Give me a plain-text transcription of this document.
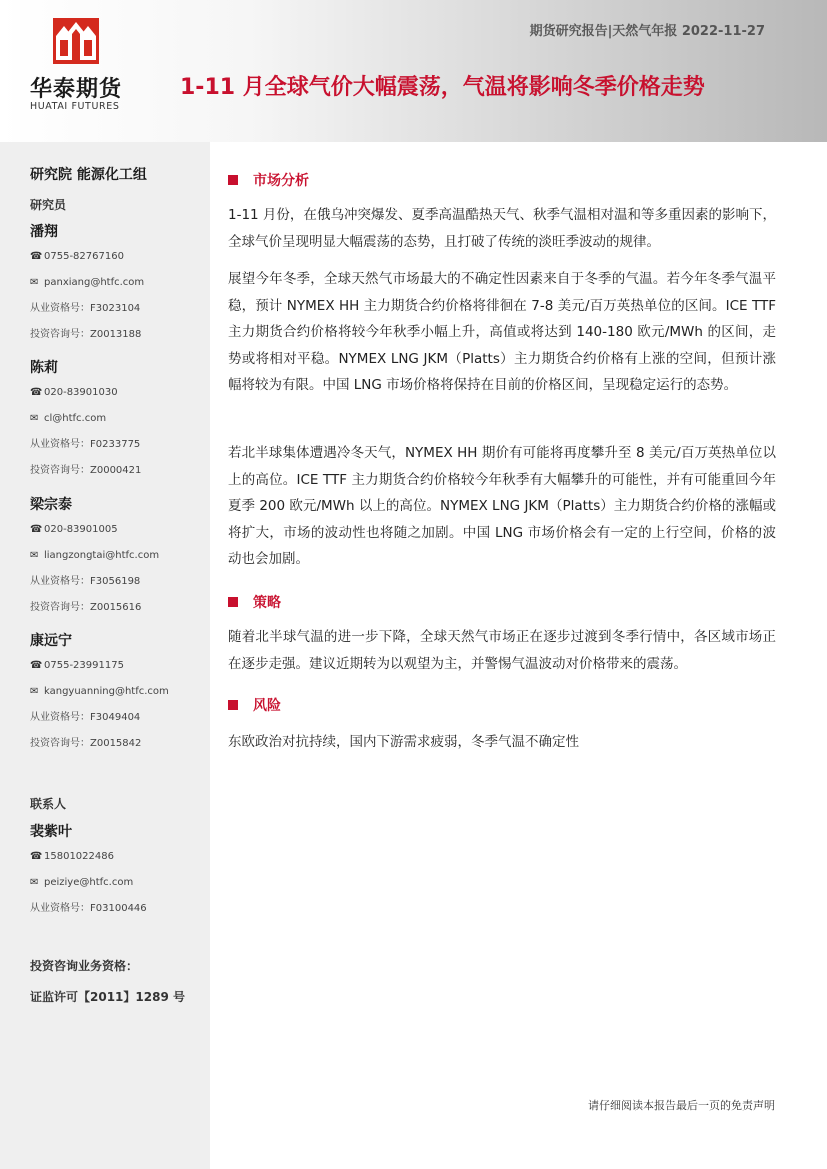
华泰期货
HUATAI FUTURES
期货研究报告|天然气年报 2022-11-27
1-11 月全球气价大幅震荡，气温将影响冬季价格走势
研究院 能源化工组
研究员
潘翔
☎ 0755-82767160
✉ panxiang@htfc.com
从业资格号：F3023104
投资咨询号：Z0013188
陈莉
☎ 020-83901030
✉ cl@htfc.com
从业资格号：F0233775
投资咨询号：Z0000421
梁宗泰
☎ 020-83901005
✉ liangzongtai@htfc.com
从业资格号：F3056198
投资咨询号：Z0015616
康远宁
☎ 0755-23991175
✉ kangyuanning@htfc.com
从业资格号：F3049404
投资咨询号：Z0015842
联系人
裴紫叶
☎ 15801022486
✉ peiziye@htfc.com
从业资格号：F03100446
投资咨询业务资格：
证监许可【2011】1289 号
市场分析
1-11 月份，在俄乌冲突爆发、夏季高温酷热天气、秋季气温相对温和等多重因素的影响下，全球气价呈现明显大幅震荡的态势，且打破了传统的淡旺季波动的规律。
展望今年冬季，全球天然气市场最大的不确定性因素来自于冬季的气温。若今年冬季气温平稳，预计 NYMEX HH 主力期货合约价格将徘徊在 7-8 美元/百万英热单位的区间。ICE TTF 主力期货合约价格将较今年秋季小幅上升，高值或将达到 140-180 欧元/MWh 的区间，走势或将相对平稳。NYMEX LNG JKM（Platts）主力期货合约价格有上涨的空间，但预计涨幅将较为有限。中国 LNG 市场价格将保持在目前的价格区间，呈现稳定运行的态势。
若北半球集体遭遇冷冬天气，NYMEX HH 期价有可能将再度攀升至 8 美元/百万英热单位以上的高位。ICE TTF 主力期货合约价格较今年秋季有大幅攀升的可能性，并有可能重回今年夏季 200 欧元/MWh 以上的高位。NYMEX LNG JKM（Platts）主力期货合约价格的涨幅或将扩大，市场的波动性也将随之加剧。中国 LNG 市场价格会有一定的上行空间，价格的波动也会加剧。
策略
随着北半球气温的进一步下降，全球天然气市场正在逐步过渡到冬季行情中，各区域市场正在逐步走强。建议近期转为以观望为主，并警惕气温波动对价格带来的震荡。
风险
东欧政治对抗持续，国内下游需求疲弱，冬季气温不确定性
请仔细阅读本报告最后一页的免责声明
